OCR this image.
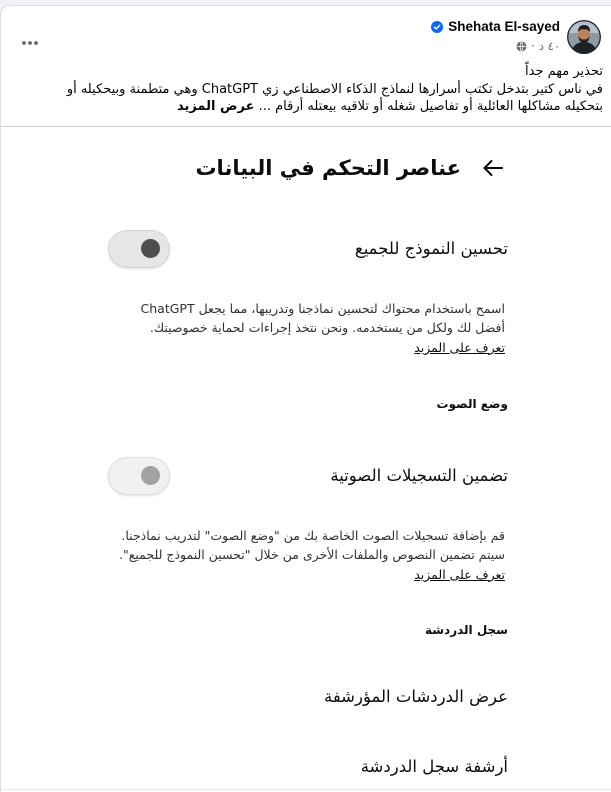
Shehata El-sayed
٤٠ د
·
تحذير مهم جداً
في ناس كتير بتدخل تكتب أسرارها لنماذج الذكاء الاصطناعي زي ChatGPT وهي متطمنة وبيحكيله أو بتحكيله مشاكلها العائلية أو تفاصيل شغله أو تلاقيه بيعتله أرقام ... عرض المزيد
عناصر التحكم في البيانات
تحسين النموذج للجميع
اسمح باستخدام محتواك لتحسين نماذجنا وتدريبها، مما يجعل ChatGPT أفضل لك ولكل من يستخدمه. ونحن نتخذ إجراءات لحماية خصوصيتك.
تعرف على المزيد
وضع الصوت
تضمين التسجيلات الصوتية
قم بإضافة تسجيلات الصوت الخاصة بك من "وضع الصوت" لتدريب نماذجنا. سيتم تضمين النصوص والملفات الأخرى من خلال "تحسين النموذج للجميع".
تعرف على المزيد
سجل الدردشة
عرض الدردشات المؤرشفة
أرشفة سجل الدردشة
